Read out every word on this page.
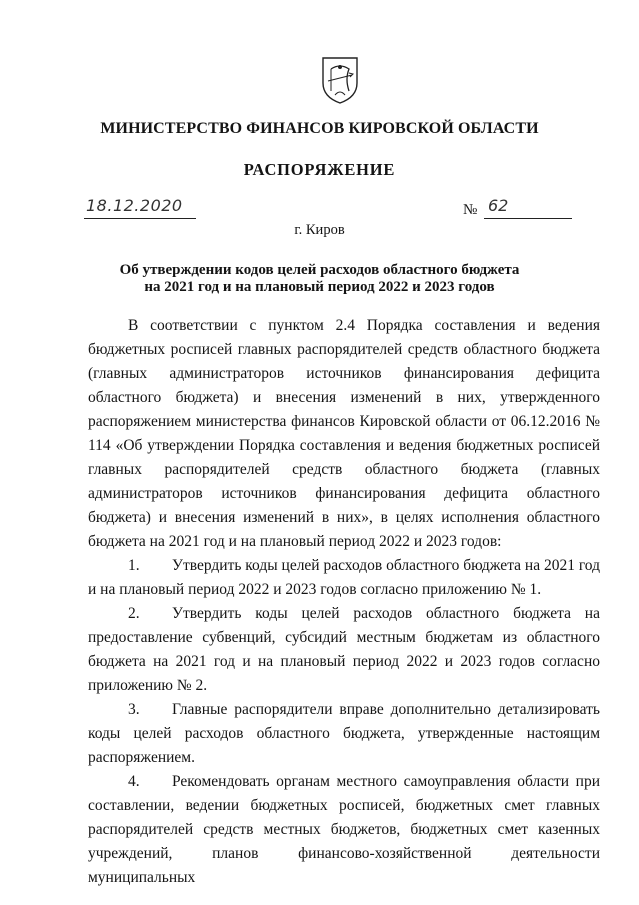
МИНИСТЕРСТВО ФИНАНСОВ КИРОВСКОЙ ОБЛАСТИ
РАСПОРЯЖЕНИЕ
18.12.2020	№ 62
г. Киров
Об утверждении кодов целей расходов областного бюджета
на 2021 год и на плановый период 2022 и 2023 годов

В соответствии с пунктом 2.4 Порядка составления и ведения бюджетных росписей главных распорядителей средств областного бюджета (главных администраторов источников финансирования дефицита областного бюджета) и внесения изменений в них, утвержденного распоряжением министерства финансов Кировской области от 06.12.2016 № 114 «Об утверждении Порядка составления и ведения бюджетных росписей главных распорядителей средств областного бюджета (главных администраторов источников финансирования дефицита областного бюджета) и внесения изменений в них», в целях исполнения областного бюджета на 2021 год и на плановый период 2022 и 2023 годов:

1. Утвердить коды целей расходов областного бюджета на 2021 год и на плановый период 2022 и 2023 годов согласно приложению № 1.

2. Утвердить коды целей расходов областного бюджета на предоставление субвенций, субсидий местным бюджетам из областного бюджета на 2021 год и на плановый период 2022 и 2023 годов согласно приложению № 2.

3. Главные распорядители вправе дополнительно детализировать коды целей расходов областного бюджета, утвержденные настоящим распоряжением.

4. Рекомендовать органам местного самоуправления области при составлении, ведении бюджетных росписей, бюджетных смет главных распорядителей средств местных бюджетов, бюджетных смет казенных учреждений, планов финансово-хозяйственной деятельности муниципальных
